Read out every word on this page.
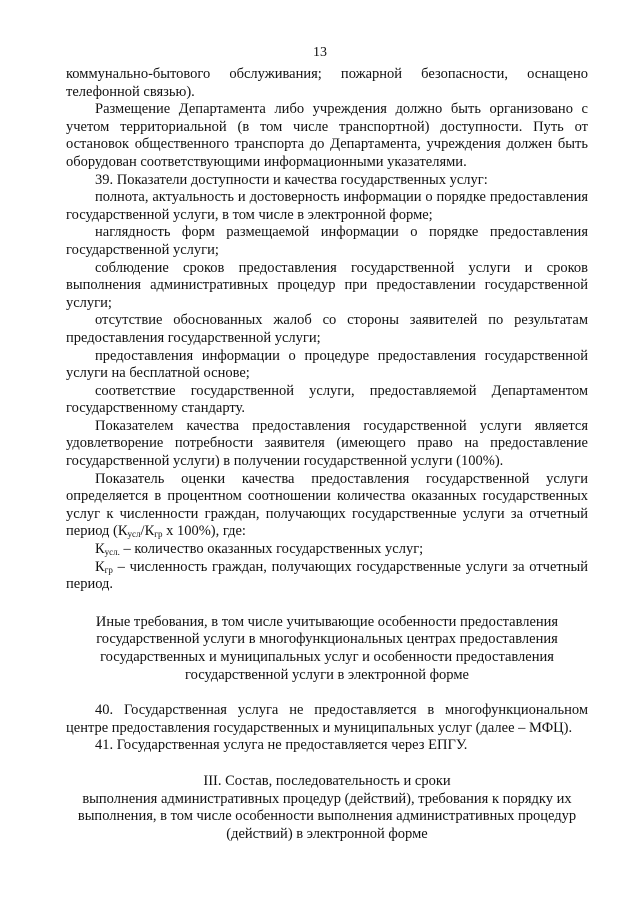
13

коммунально-бытового обслуживания; пожарной безопасности, оснащено телефонной связью).

Размещение Департамента либо учреждения должно быть организовано с учетом территориальной (в том числе транспортной) доступности. Путь от остановок общественного транспорта до Департамента, учреждения должен быть оборудован соответствующими информационными указателями.

39. Показатели доступности и качества государственных услуг:

полнота, актуальность и достоверность информации о порядке предоставления государственной услуги, в том числе в электронной форме;

наглядность форм размещаемой информации о порядке предоставления государственной услуги;

соблюдение сроков предоставления государственной услуги и сроков выполнения административных процедур при предоставлении государственной услуги;

отсутствие обоснованных жалоб со стороны заявителей по результатам предоставления государственной услуги;

предоставления информации о процедуре предоставления государственной услуги на бесплатной основе;

соответствие государственной услуги, предоставляемой Департаментом государственному стандарту.

Показателем качества предоставления государственной услуги является удовлетворение потребности заявителя (имеющего право на предоставление государственной услуги) в получении государственной услуги (100%).

Показатель оценки качества предоставления государственной услуги определяется в процентном соотношении количества оказанных государственных услуг к численности граждан, получающих государственные услуги за отчетный период ($К_{усл}/К_{гр}$ x 100%), где:

$К_{усл.}$ – количество оказанных государственных услуг;

$К_{гр}$ – численность граждан, получающих государственные услуги за отчетный период.

Иные требования, в том числе учитывающие особенности предоставления государственной услуги в многофункциональных центрах предоставления государственных и муниципальных услуг и особенности предоставления государственной услуги в электронной форме

40. Государственная услуга не предоставляется в многофункциональном центре предоставления государственных и муниципальных услуг (далее – МФЦ).

41. Государственная услуга не предоставляется через ЕПГУ.

III. Состав, последовательность и сроки

выполнения административных процедур (действий), требования к порядку их выполнения, в том числе особенности выполнения административных процедур (действий) в электронной форме
